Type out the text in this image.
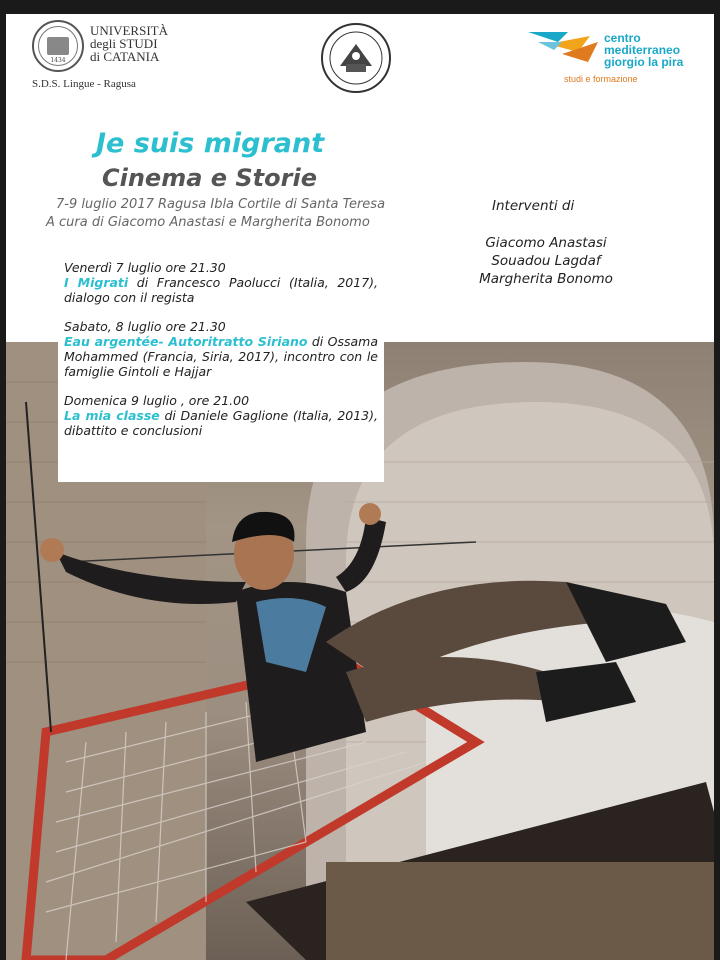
1434
UNIVERSITÀ
degli STUDI
di CATANIA
S.D.S. Lingue - Ragusa
centro
mediterraneo
giorgio la pira
studi e formazione
Je suis migrant
Cinema e Storie
7-9 luglio 2017 Ragusa Ibla Cortile di Santa Teresa
A cura di Giacomo Anastasi e Margherita Bonomo
Interventi di
Giacomo Anastasi
Souadou Lagdaf
Margherita Bonomo
Venerdì 7 luglio ore 21.30
I Migrati di Francesco Paolucci (Italia, 2017), dialogo con il regista
Sabato, 8 luglio ore 21.30
Eau argentée- Autoritratto Siriano di Ossama Mohammed (Francia, Siria, 2017), incontro con le famiglie Gintoli e Hajjar
Domenica 9 luglio , ore 21.00
La mia classe di Daniele Gaglione (Italia, 2013), dibattito e conclusioni
